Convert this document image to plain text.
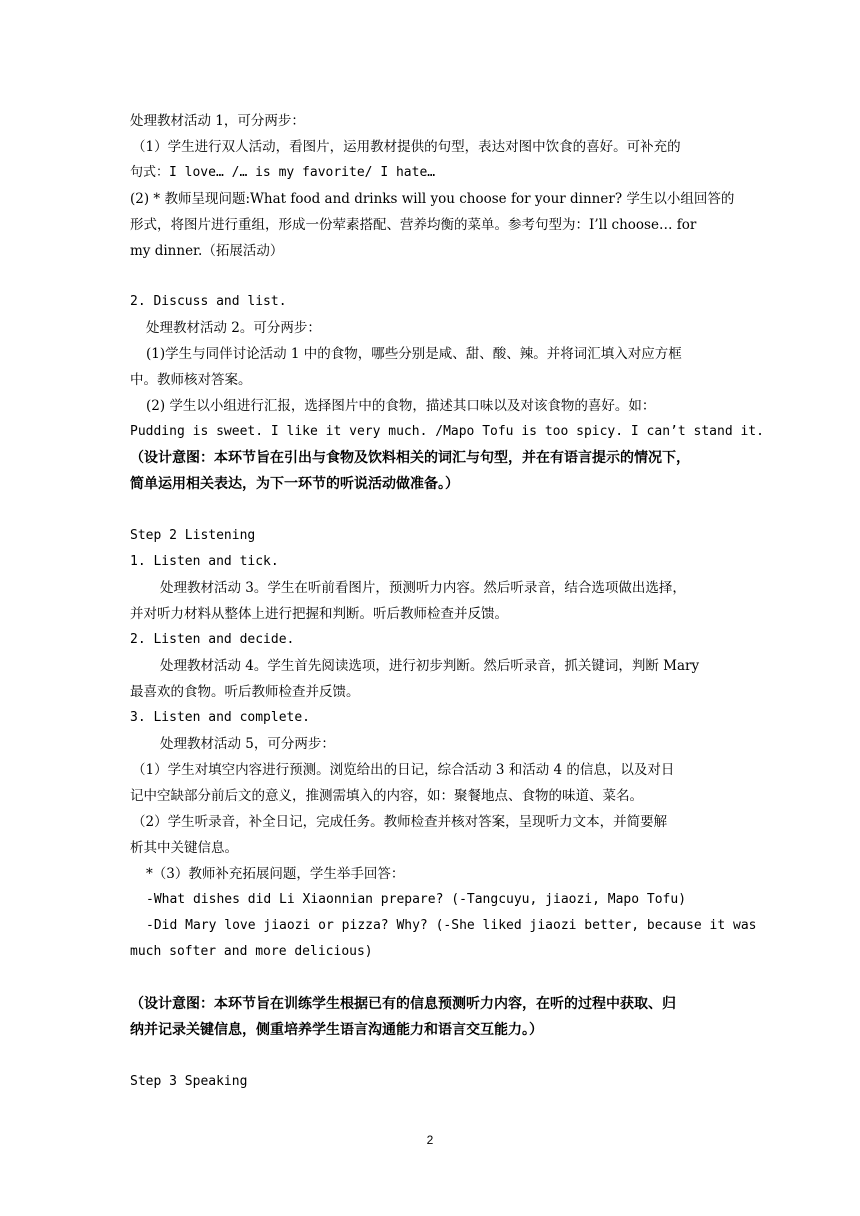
处理教材活动 1，可分两步：
（1）学生进行双人活动，看图片，运用教材提供的句型，表达对图中饮食的喜好。可补充的
句式：I love… /… is my favorite/ I hate…
(2) * 教师呈现问题:What food and drinks will you choose for your dinner? 学生以小组回答的
形式，将图片进行重组，形成一份荤素搭配、营养均衡的菜单。参考句型为：I’ll choose… for
my dinner.（拓展活动）
2. Discuss and list.
处理教材活动 2。可分两步：
(1)学生与同伴讨论活动 1 中的食物，哪些分别是咸、甜、酸、辣。并将词汇填入对应方框
中。教师核对答案。
(2) 学生以小组进行汇报，选择图片中的食物，描述其口味以及对该食物的喜好。如：
Pudding is sweet. I like it very much. /Mapo Tofu is too spicy. I can’t stand it.
（设计意图：本环节旨在引出与食物及饮料相关的词汇与句型，并在有语言提示的情况下，
简单运用相关表达，为下一环节的听说活动做准备。）
Step 2 Listening
1. Listen and tick.
处理教材活动 3。学生在听前看图片，预测听力内容。然后听录音，结合选项做出选择，
并对听力材料从整体上进行把握和判断。听后教师检查并反馈。
2. Listen and decide.
处理教材活动 4。学生首先阅读选项，进行初步判断。然后听录音，抓关键词，判断 Mary
最喜欢的食物。听后教师检查并反馈。
3. Listen and complete.
处理教材活动 5，可分两步：
（1）学生对填空内容进行预测。浏览给出的日记，综合活动 3 和活动 4 的信息，以及对日
记中空缺部分前后文的意义，推测需填入的内容，如：聚餐地点、食物的味道、菜名。
（2）学生听录音，补全日记，完成任务。教师检查并核对答案，呈现听力文本，并简要解
析其中关键信息。
*（3）教师补充拓展问题，学生举手回答：
-What dishes did Li Xiaonnian prepare? (-Tangcuyu, jiaozi, Mapo Tofu)
-Did Mary love jiaozi or pizza? Why? (-She liked jiaozi better, because it was
much softer and more delicious)
（设计意图：本环节旨在训练学生根据已有的信息预测听力内容，在听的过程中获取、归
纳并记录关键信息，侧重培养学生语言沟通能力和语言交互能力。）
Step 3 Speaking
2
